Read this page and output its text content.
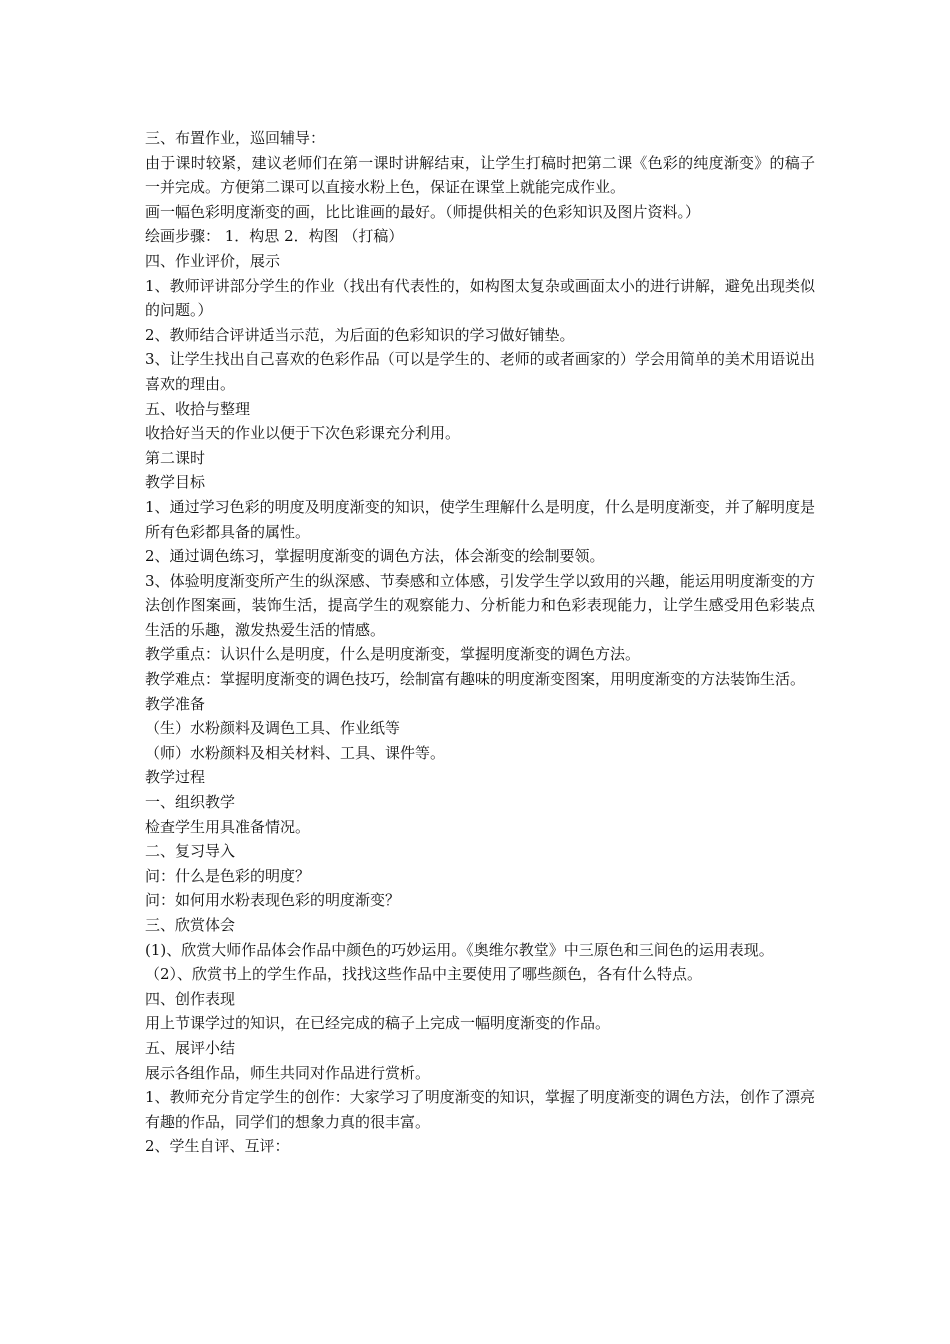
三、布置作业，巡回辅导：

由于课时较紧，建议老师们在第一课时讲解结束，让学生打稿时把第二课《色彩的纯度渐变》的稿子一并完成。方便第二课可以直接水粉上色，保证在课堂上就能完成作业。

画一幅色彩明度渐变的画，比比谁画的最好。（师提供相关的色彩知识及图片资料。）

绘画步骤： 1．构思 2．构图 （打稿）

四、作业评价，展示

1、教师评讲部分学生的作业（找出有代表性的，如构图太复杂或画面太小的进行讲解，避免出现类似的问题。）

2、教师结合评讲适当示范，为后面的色彩知识的学习做好铺垫。

3、让学生找出自己喜欢的色彩作品（可以是学生的、老师的或者画家的）学会用简单的美术用语说出喜欢的理由。

五、收拾与整理

收拾好当天的作业以便于下次色彩课充分利用。

第二课时

教学目标

1、通过学习色彩的明度及明度渐变的知识，使学生理解什么是明度，什么是明度渐变，并了解明度是所有色彩都具备的属性。

2、通过调色练习，掌握明度渐变的调色方法，体会渐变的绘制要领。

3、体验明度渐变所产生的纵深感、节奏感和立体感，引发学生学以致用的兴趣，能运用明度渐变的方法创作图案画，装饰生活，提高学生的观察能力、分析能力和色彩表现能力，让学生感受用色彩装点生活的乐趣，激发热爱生活的情感。

教学重点：认识什么是明度，什么是明度渐变，掌握明度渐变的调色方法。

教学难点：掌握明度渐变的调色技巧，绘制富有趣味的明度渐变图案，用明度渐变的方法装饰生活。

教学准备

（生）水粉颜料及调色工具、作业纸等

（师）水粉颜料及相关材料、工具、课件等。

教学过程

一、组织教学

检查学生用具准备情况。

二、复习导入

问：什么是色彩的明度？

问：如何用水粉表现色彩的明度渐变？

三、欣赏体会

(1)、欣赏大师作品体会作品中颜色的巧妙运用。《奥维尔教堂》中三原色和三间色的运用表现。

（2）、欣赏书上的学生作品，找找这些作品中主要使用了哪些颜色，各有什么特点。

四、创作表现

用上节课学过的知识，在已经完成的稿子上完成一幅明度渐变的作品。

五、展评小结

展示各组作品，师生共同对作品进行赏析。

1、教师充分肯定学生的创作：大家学习了明度渐变的知识，掌握了明度渐变的调色方法，创作了漂亮有趣的作品，同学们的想象力真的很丰富。

2、学生自评、互评：
